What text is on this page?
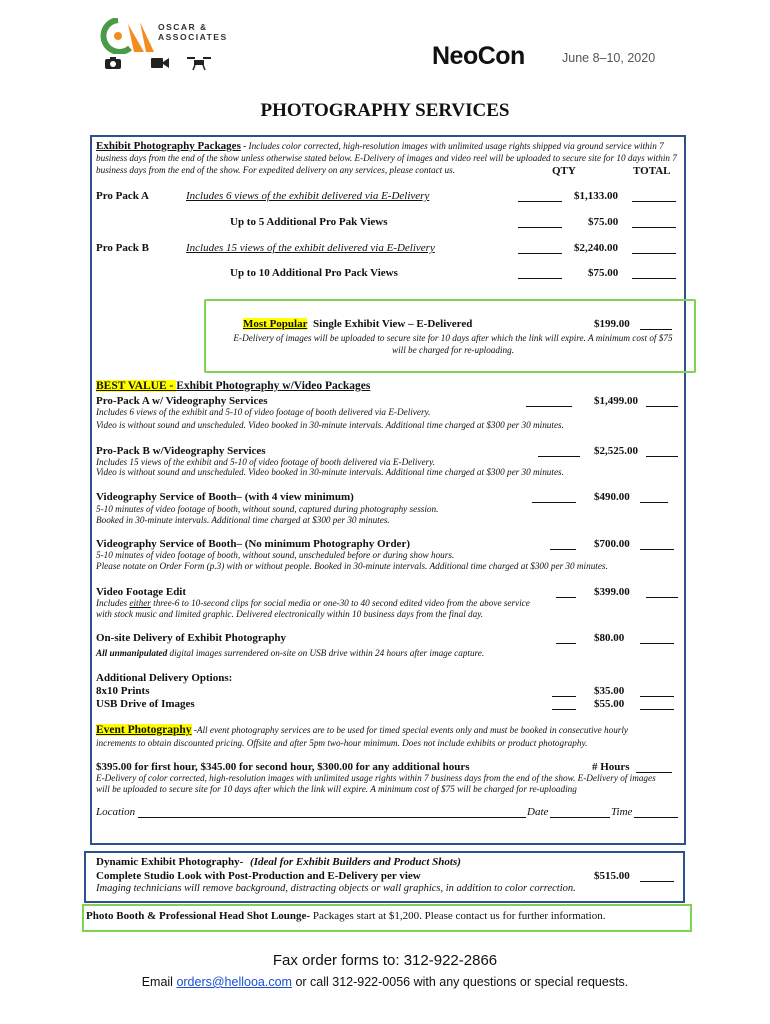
OSCAR &
ASSOCIATES
NeoCon	June 8–10, 2020
PHOTOGRAPHY SERVICES
Exhibit Photography Packages - Includes color corrected, high-resolution images with unlimited usage rights shipped via ground service within 7 business days from the end of the show unless otherwise stated below. E-Delivery of images and video reel will be uploaded to secure site for 10 days within 7 business days from the end of the show. For expedited delivery on any services, please contact us.	QTY	TOTAL
Pro Pack A	Includes 6 views of the exhibit delivered via E-Delivery	$1,133.00
Up to 5 Additional Pro Pak Views	$75.00
Pro Pack B	Includes 15 views of the exhibit delivered via E-Delivery	$2,240.00
Up to 10 Additional Pro Pack Views	$75.00
Most Popular Single Exhibit View – E-Delivered	$199.00
E-Delivery of images will be uploaded to secure site for 10 days after which the link will expire. A minimum cost of $75 will be charged for re-uploading.
BEST VALUE - Exhibit Photography w/Video Packages
Pro-Pack A w/ Videography Services	$1,499.00
Includes 6 views of the exhibit and 5-10 of video footage of booth delivered via E-Delivery.
Video is without sound and unscheduled. Video booked in 30-minute intervals. Additional time charged at $300 per 30 minutes.
Pro-Pack B w/Videography Services	$2,525.00
Includes 15 views of the exhibit and 5-10 of video footage of booth delivered via E-Delivery.
Video is without sound and unscheduled. Video booked in 30-minute intervals. Additional time charged at $300 per 30 minutes.
Videography Service of Booth– (with 4 view minimum)	$490.00
5-10 minutes of video footage of booth, without sound, captured during photography session.
Booked in 30-minute intervals. Additional time charged at $300 per 30 minutes.
Videography Service of Booth– (No minimum Photography Order)	$700.00
5-10 minutes of video footage of booth, without sound, unscheduled before or during show hours.
Please notate on Order Form (p.3) with or without people. Booked in 30-minute intervals. Additional time charged at $300 per 30 minutes.
Video Footage Edit	$399.00
Includes either three-6 to 10-second clips for social media or one-30 to 40 second edited video from the above service
with stock music and limited graphic. Delivered electronically within 10 business days from the final day.
On-site Delivery of Exhibit Photography	$80.00
All unmanipulated digital images surrendered on-site on USB drive within 24 hours after image capture.
Additional Delivery Options:
8x10 Prints	$35.00
USB Drive of Images	$55.00
Event Photography -All event photography services are to be used for timed special events only and must be booked in consecutive hourly
increments to obtain discounted pricing. Offsite and after 5pm two-hour minimum. Does not include exhibits or product photography.
$395.00 for first hour, $345.00 for second hour, $300.00 for any additional hours	# Hours
E-Delivery of color corrected, high-resolution images with unlimited usage rights within 7 business days from the end of the show. E-Delivery of images
will be uploaded to secure site for 10 days after which the link will expire. A minimum cost of $75 will be charged for re-uploading
Location	Date	Time
Dynamic Exhibit Photography- (Ideal for Exhibit Builders and Product Shots)
Complete Studio Look with Post-Production and E-Delivery per view	$515.00
Imaging technicians will remove background, distracting objects or wall graphics, in addition to color correction.
Photo Booth & Professional Head Shot Lounge- Packages start at $1,200. Please contact us for further information.
Fax order forms to: 312-922-2866
Email orders@hellooa.com or call 312-922-0056 with any questions or special requests.
